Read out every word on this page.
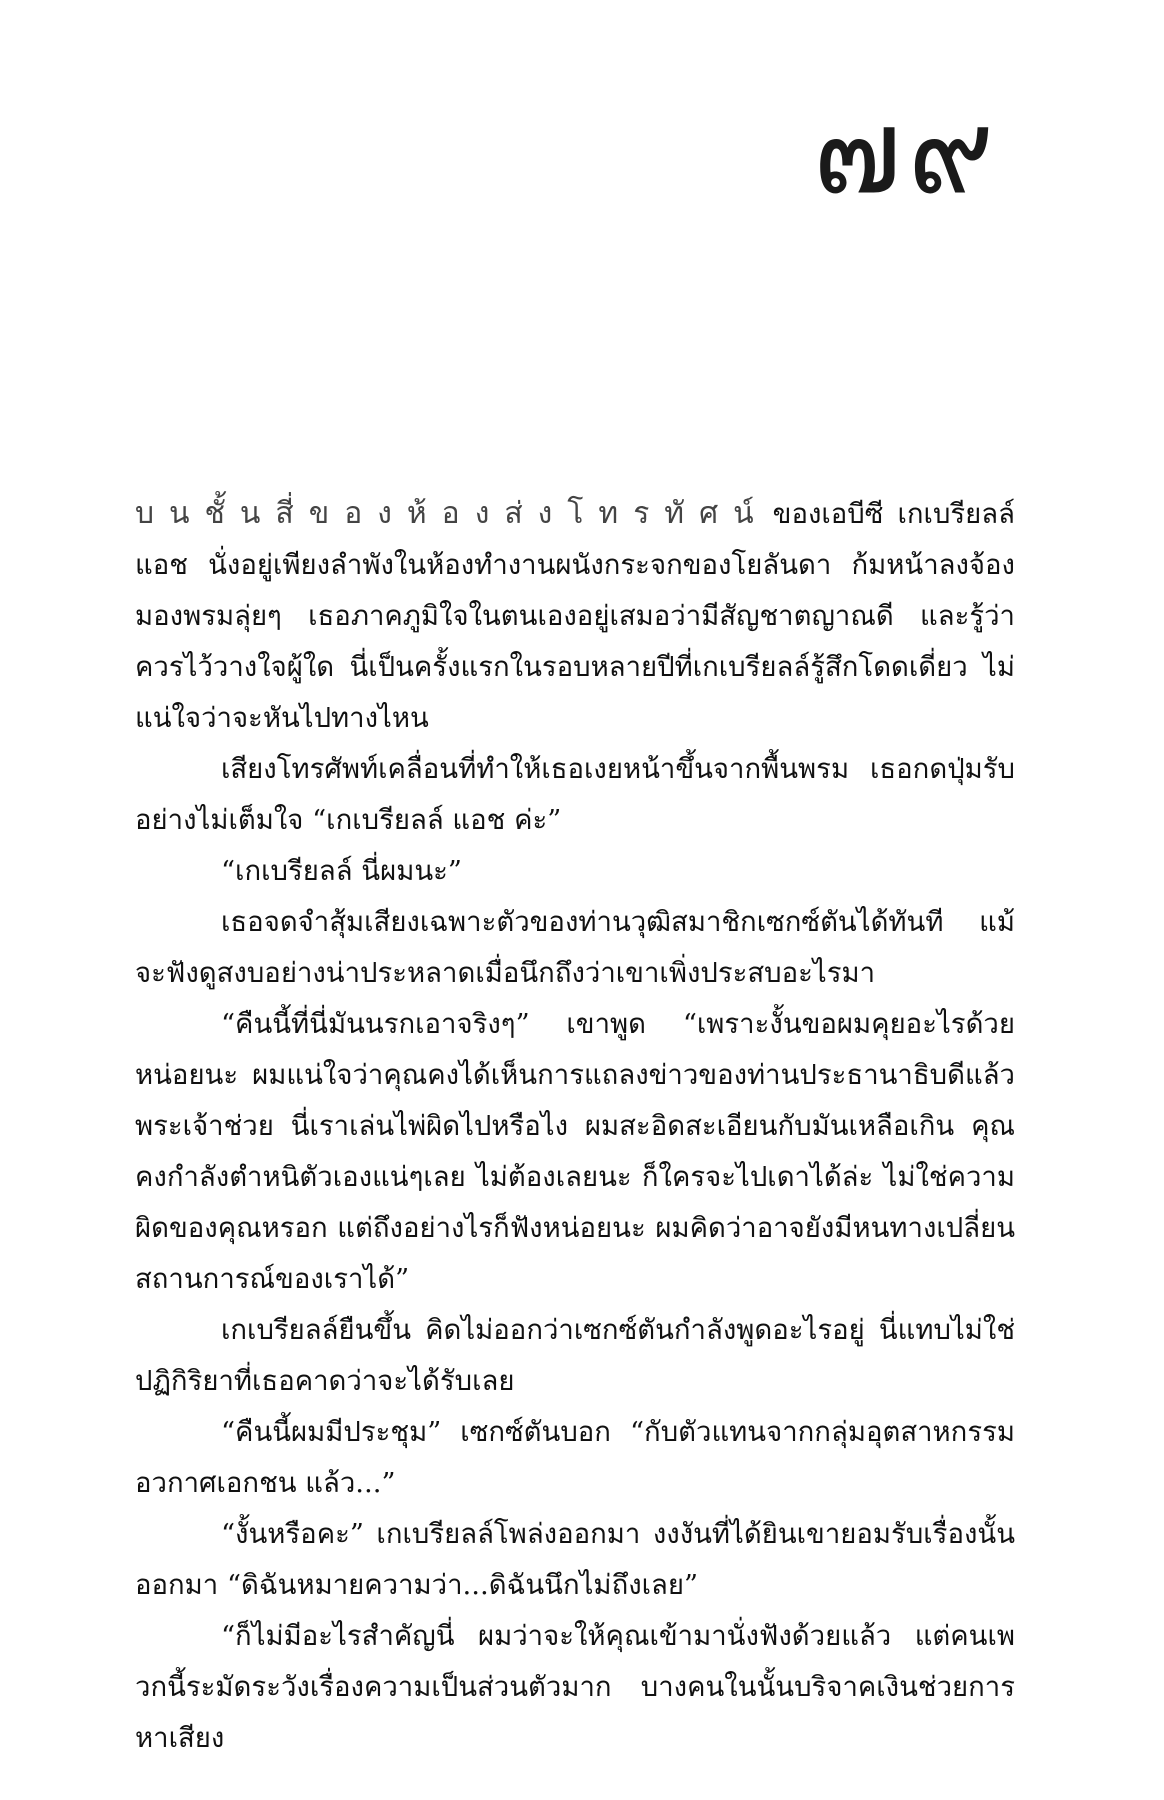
๗๙

บนชั้นสี่ของห้องส่งโทรทัศน์ ของเอบีซี เกเบรียลล์ แอช นั่งอยู่เพียงลำพังในห้องทำงานผนังกระจกของโยลันดา ก้มหน้าลงจ้องมองพรมลุ่ยๆ เธอภาคภูมิใจในตนเองอยู่เสมอว่ามีสัญชาตญาณดี และรู้ว่าควรไว้วางใจผู้ใด นี่เป็นครั้งแรกในรอบหลายปีที่เกเบรียลล์รู้สึกโดดเดี่ยว ไม่แน่ใจว่าจะหันไปทางไหน

เสียงโทรศัพท์เคลื่อนที่ทำให้เธอเงยหน้าขึ้นจากพื้นพรม เธอกดปุ่มรับอย่างไม่เต็มใจ “เกเบรียลล์ แอช ค่ะ”

“เกเบรียลล์ นี่ผมนะ”

เธอจดจำสุ้มเสียงเฉพาะตัวของท่านวุฒิสมาชิกเซกซ์ตันได้ทันที แม้จะฟังดูสงบอย่างน่าประหลาดเมื่อนึกถึงว่าเขาเพิ่งประสบอะไรมา

“คืนนี้ที่นี่มันนรกเอาจริงๆ” เขาพูด “เพราะงั้นขอผมคุยอะไรด้วยหน่อยนะ ผมแน่ใจว่าคุณคงได้เห็นการแถลงข่าวของท่านประธานาธิบดีแล้ว พระเจ้าช่วย นี่เราเล่นไพ่ผิดไปหรือไง ผมสะอิดสะเอียนกับมันเหลือเกิน คุณคงกำลังตำหนิตัวเองแน่ๆเลย ไม่ต้องเลยนะ ก็ใครจะไปเดาได้ล่ะ ไม่ใช่ความผิดของคุณหรอก แต่ถึงอย่างไรก็ฟังหน่อยนะ ผมคิดว่าอาจยังมีหนทางเปลี่ยนสถานการณ์ของเราได้”

เกเบรียลล์ยืนขึ้น คิดไม่ออกว่าเซกซ์ตันกำลังพูดอะไรอยู่ นี่แทบไม่ใช่ปฏิกิริยาที่เธอคาดว่าจะได้รับเลย

“คืนนี้ผมมีประชุม” เซกซ์ตันบอก “กับตัวแทนจากกลุ่มอุตสาหกรรมอวกาศเอกชน แล้ว...”

“งั้นหรือคะ” เกเบรียลล์โพล่งออกมา งงงันที่ได้ยินเขายอมรับเรื่องนั้นออกมา “ดิฉันหมายความว่า...ดิฉันนึกไม่ถึงเลย”

“ก็ไม่มีอะไรสำคัญนี่ ผมว่าจะให้คุณเข้ามานั่งฟังด้วยแล้ว แต่คนเพวกนี้ระมัดระวังเรื่องความเป็นส่วนตัวมาก บางคนในนั้นบริจาคเงินช่วยการหาเสียง
